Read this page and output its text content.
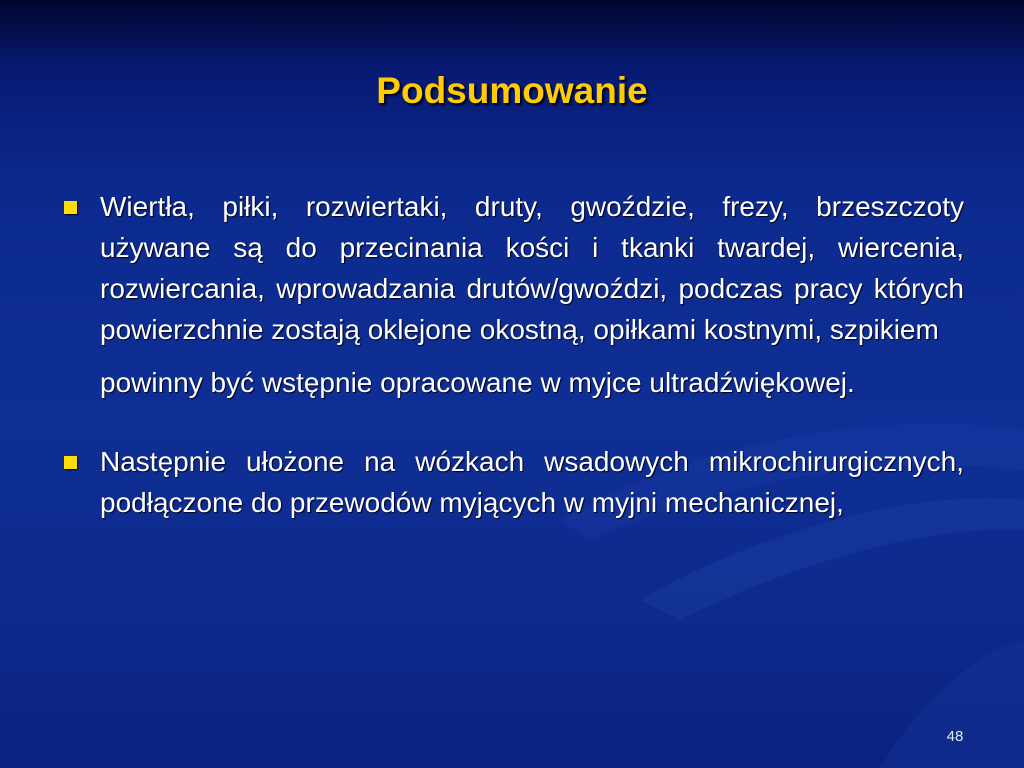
Podsumowanie

Wiertła, piłki, rozwiertaki, druty, gwoździe, frezy, brzeszczoty używane są do przecinania kości i tkanki twardej, wiercenia, rozwiercania, wprowadzania drutów/gwoździ, podczas pracy których powierzchnie zostają oklejone okostną, opiłkami kostnymi, szpikiem

powinny być wstępnie opracowane w myjce ultradźwiękowej.

Następnie ułożone na wózkach wsadowych mikrochirurgicznych, podłączone do przewodów myjących w myjni mechanicznej,

48
